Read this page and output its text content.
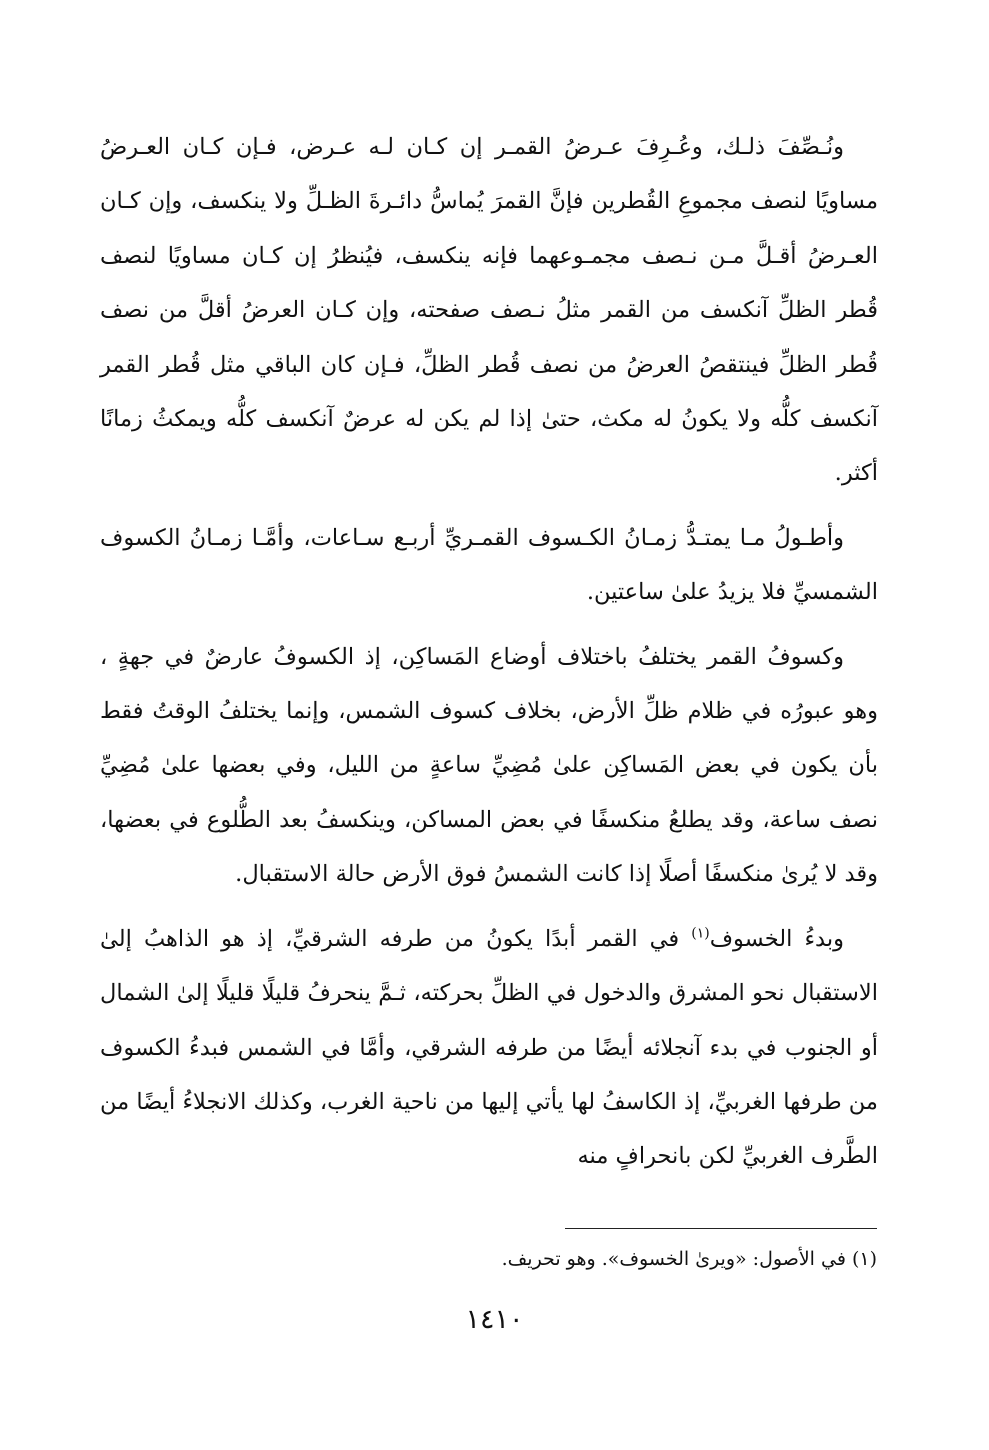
ونُـصِّفَ ذلـك، وعُـرِفَ عـرضُ القمـر إن كـان لـه عـرض، فـإن كـان العـرضُ مساويًا لنصف مجموعِ القُطرين فإنَّ القمرَ يُماسُّ دائـرةَ الظـلِّ ولا ينكسف، وإن كـان العـرضُ أقـلَّ مـن نـصف مجمـوعهما فإنه ينكسف، فيُنظرُ إن كـان مساويًا لنصف قُطر الظلِّ آنكسف من القمر مثلُ نـصف صفحته، وإن كـان العرضُ أقلَّ من نصف قُطر الظلِّ فينتقصُ العرضُ من نصف قُطر الظلِّ، فـإن كان الباقي مثل قُطر القمر آنكسف كلُّه ولا يكونُ له مكث، حتىٰ إذا لم يكن له عرضٌ آنكسف كلُّه ويمكثُ زمانًا أكثر.

وأطـولُ مـا يمتـدُّ زمـانُ الكـسوف القمـريِّ أربـع سـاعات، وأمَّـا زمـانُ الكسوف الشمسيِّ فلا يزيدُ علىٰ ساعتين.

وكسوفُ القمر يختلفُ باختلاف أوضاع المَساكِن، إذ الكسوفُ عارضٌ في جهةٍ ، وهو عبورُه في ظلام ظلِّ الأرض، بخلاف كسوف الشمس، وإنما يختلفُ الوقتُ فقط بأن يكون في بعض المَساكِن علىٰ مُضِيِّ ساعةٍ من الليل، وفي بعضها علىٰ مُضِيِّ نصف ساعة، وقد يطلعُ منكسفًا في بعض المساكن، وينكسفُ بعد الطُّلوع في بعضها، وقد لا يُرىٰ منكسفًا أصلًا إذا كانت الشمسُ فوق الأرض حالة الاستقبال.

وبدءُ الخسوف$^{(١)}$ في القمر أبدًا يكونُ من طرفه الشرقيِّ، إذ هو الذاهبُ إلىٰ الاستقبال نحو المشرق والدخول في الظلِّ بحركته، ثـمَّ ينحرفُ قليلًا قليلًا إلىٰ الشمال أو الجنوب في بدء آنجلائه أيضًا من طرفه الشرقي، وأمَّا في الشمس فبدءُ الكسوف من طرفها الغربيِّ، إذ الكاسفُ لها يأتي إليها من ناحية الغرب، وكذلك الانجلاءُ أيضًا من الطَّرف الغربيِّ لكن بانحرافٍ منه

(١) في الأصول: «ويرىٰ الخسوف». وهو تحريف.
١٤١٠
